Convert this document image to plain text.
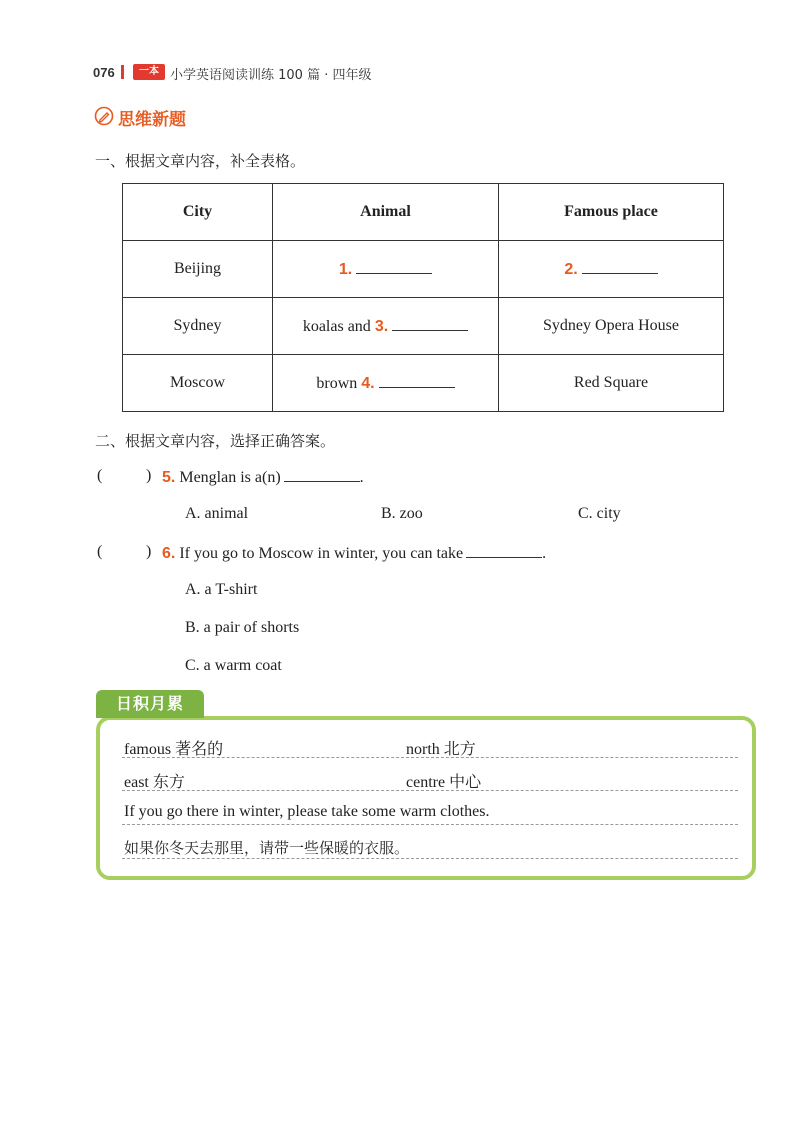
076	一本 小学英语阅读训练 100 篇 · 四年级
思维新题
一、根据文章内容，补全表格。
City	Animal	Famous place
Beijing	1.	2.
Sydney	koalas and 3.	Sydney Opera House
Moscow	brown 4.	Red Square
二、根据文章内容，选择正确答案。
(	) 5. Menglan is a(n)	.
A. animal	B. zoo	C. city
(	) 6. If you go to Moscow in winter, you can take	.
A. a T-shirt
B. a pair of shorts
C. a warm coat
日积月累
famous 著名的	north 北方
east 东方	centre 中心
If you go there in winter, please take some warm clothes.
如果你冬天去那里，请带一些保暖的衣服。
